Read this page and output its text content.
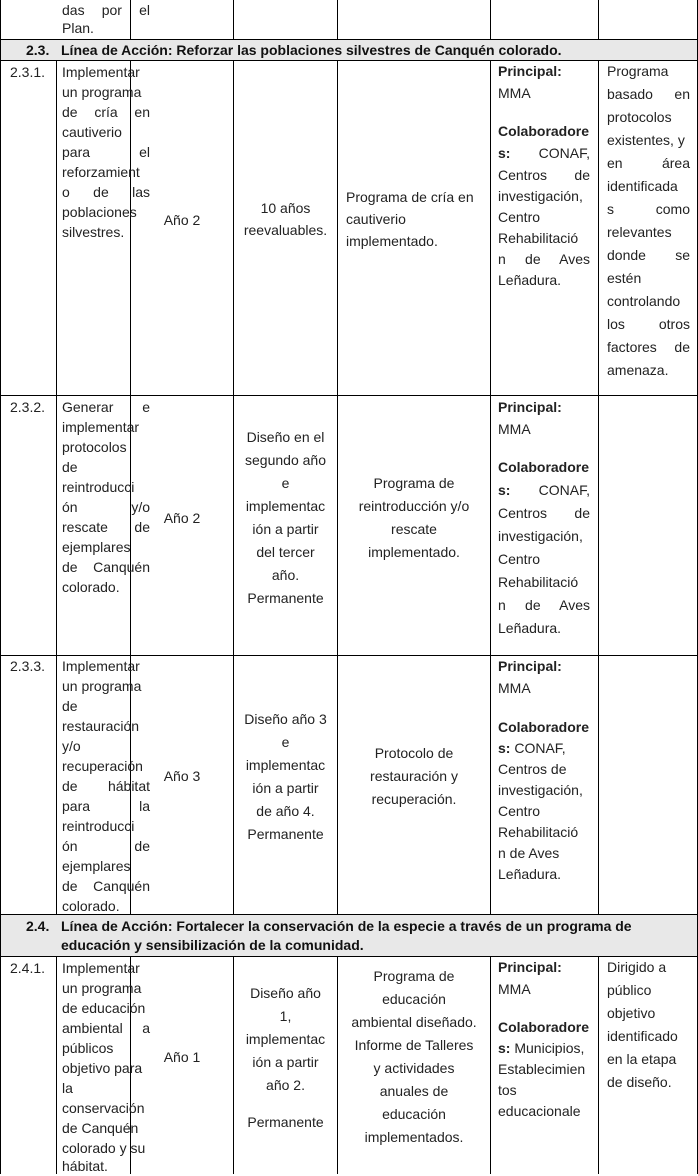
das por el
Plan.
2.3. Línea de Acción: Reforzar las poblaciones silvestres de Canquén colorado.
2.3.1. Implementar
un programa
de cría en
cautiverio
para el
reforzamient
o de las
poblaciones
silvestres.
Año 2
10 años
reevaluables.
Programa de cría en
cautiverio
implementado.
Principal:
MMA
Colaboradore
s:	CONAF,
Centros de
investigación,
Centro
Rehabilitació
n de Aves
Leñadura.
Programa
basado en
protocolos
existentes, y
en área
identificada
s como
relevantes
donde se
estén
controlando
los otros
factores de
amenaza.
2.3.2. Generar e
implementar
protocolos
de
reintroducci
ón y/o
rescate de
ejemplares
de Canquén
colorado.
Año 2
Diseño en el
segundo año
e
implementac
ión a partir
del tercer
año.
Permanente
Programa de
reintroducción y/o
rescate
implementado.
Principal:
MMA
Colaboradore
s:	CONAF,
Centros de
investigación,
Centro
Rehabilitació
n de Aves
Leñadura.
2.3.3. Implementar
un programa
de
restauración
y/o
recuperación
de hábitat
para la
reintroducci
ón de
ejemplares
de Canquén
colorado.
Año 3
Diseño año 3
e
implementac
ión a partir
de año 4.
Permanente
Protocolo de
restauración y
recuperación.
Principal:
MMA
Colaboradore
s: CONAF,
Centros de
investigación,
Centro
Rehabilitació
n de Aves
Leñadura.
2.4. Línea de Acción: Fortalecer la conservación de la especie a través de un programa de
educación y sensibilización de la comunidad.
2.4.1. Implementar
un programa
de educación
ambiental a
públicos
objetivo para
la
conservación
de Canquén
colorado y su
hábitat.
Año 1
Diseño año
1,
implementac
ión a partir
año 2.
Permanente
Programa de
educación
ambiental diseñado.
Informe de Talleres
y actividades
anuales de
educación
implementados.
Principal:
MMA
Colaboradore
s: Municipios,
Establecimien
tos
educacionale
Dirigido a
público
objetivo
identificado
en la etapa
de diseño.
